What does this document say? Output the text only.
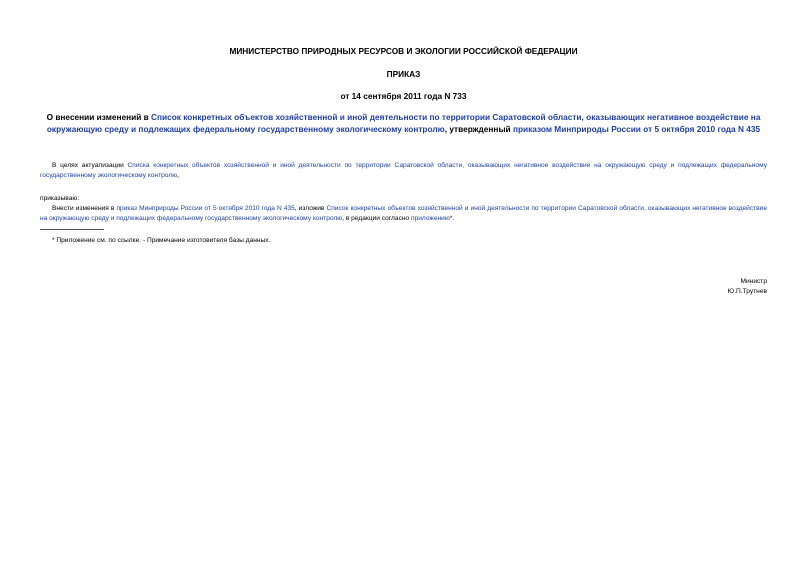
МИНИСТЕРСТВО ПРИРОДНЫХ РЕСУРСОВ И ЭКОЛОГИИ РОССИЙСКОЙ ФЕДЕРАЦИИ
ПРИКАЗ
от 14 сентября 2011 года N 733
О внесении изменений в Список конкретных объектов хозяйственной и иной деятельности по территории Саратовской области, оказывающих негативное воздействие на окружающую среду и подлежащих федеральному государственному экологическому контролю, утвержденный приказом Минприроды России от 5 октября 2010 года N 435
В целях актуализации Списка конкретных объектов хозяйственной и иной деятельности по территории Саратовской области, оказывающих негативное воздействие на окружающую среду и подлежащих федеральному государственному экологическому контролю,
приказываю:
Внести изменения в приказ Минприроды России от 5 октября 2010 года N 435, изложив Список конкретных объектов хозяйственной и иной деятельности по территории Саратовской области, оказывающих негативное воздействие на окружающую среду и подлежащих федеральному государственному экологическому контролю, в редакции согласно приложению*.
* Приложение см. по ссылке. - Примечание изготовителя базы данных.
Министр
Ю.П.Трутнев
